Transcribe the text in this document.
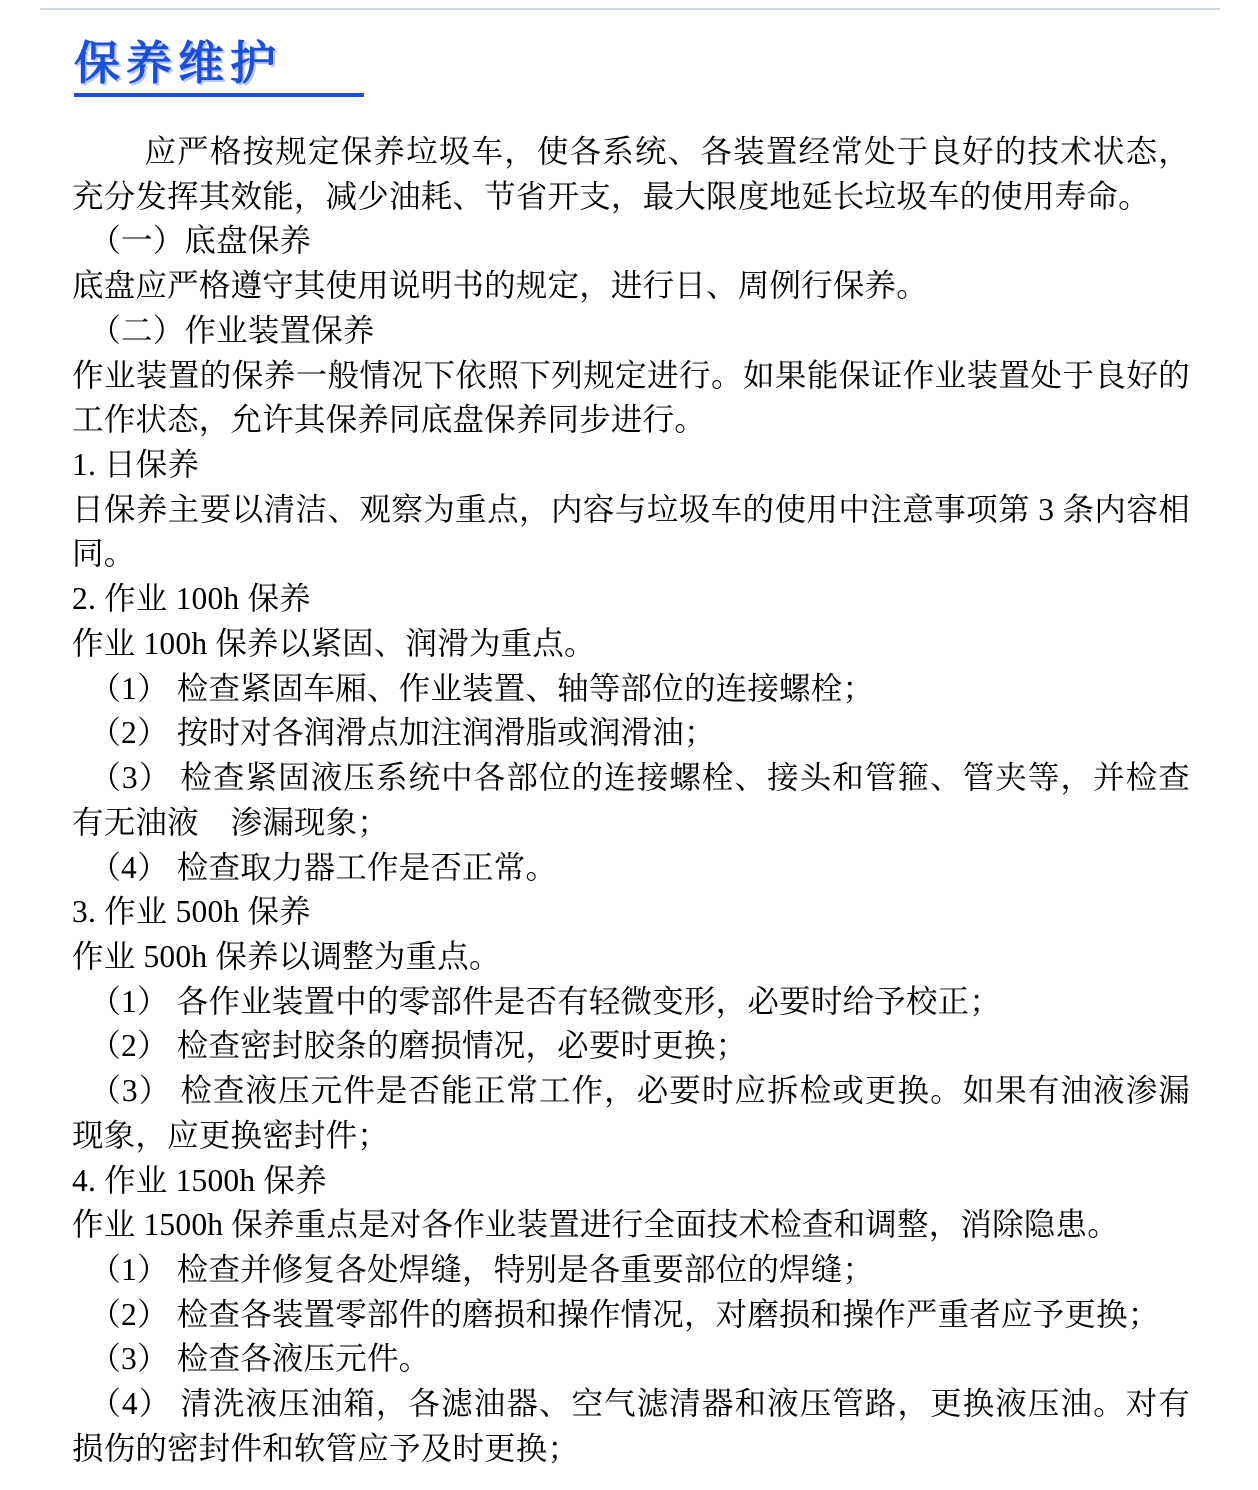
保养维护

应严格按规定保养垃圾车，使各系统、各装置经常处于良好的技术状态，充分发挥其效能，减少油耗、节省开支，最大限度地延长垃圾车的使用寿命。

（一）底盘保养

底盘应严格遵守其使用说明书的规定，进行日、周例行保养。

（二）作业装置保养

作业装置的保养一般情况下依照下列规定进行。如果能保证作业装置处于良好的工作状态，允许其保养同底盘保养同步进行。

1. 日保养

日保养主要以清洁、观察为重点，内容与垃圾车的使用中注意事项第 3 条内容相同。

2. 作业 100h 保养

作业 100h 保养以紧固、润滑为重点。

（1） 检查紧固车厢、作业装置、轴等部位的连接螺栓；

（2） 按时对各润滑点加注润滑脂或润滑油；

（3） 检查紧固液压系统中各部位的连接螺栓、接头和管箍、管夹等，并检查有无油液　渗漏现象；

（4） 检查取力器工作是否正常。

3. 作业 500h 保养

作业 500h 保养以调整为重点。

（1） 各作业装置中的零部件是否有轻微变形，必要时给予校正；

（2） 检查密封胶条的磨损情况，必要时更换；

（3） 检查液压元件是否能正常工作，必要时应拆检或更换。如果有油液渗漏现象，应更换密封件；

4. 作业 1500h 保养

作业 1500h 保养重点是对各作业装置进行全面技术检查和调整，消除隐患。

（1） 检查并修复各处焊缝，特别是各重要部位的焊缝；

（2） 检查各装置零部件的磨损和操作情况，对磨损和操作严重者应予更换；

（3） 检查各液压元件。

（4） 清洗液压油箱，各滤油器、空气滤清器和液压管路，更换液压油。对有损伤的密封件和软管应予及时更换；
